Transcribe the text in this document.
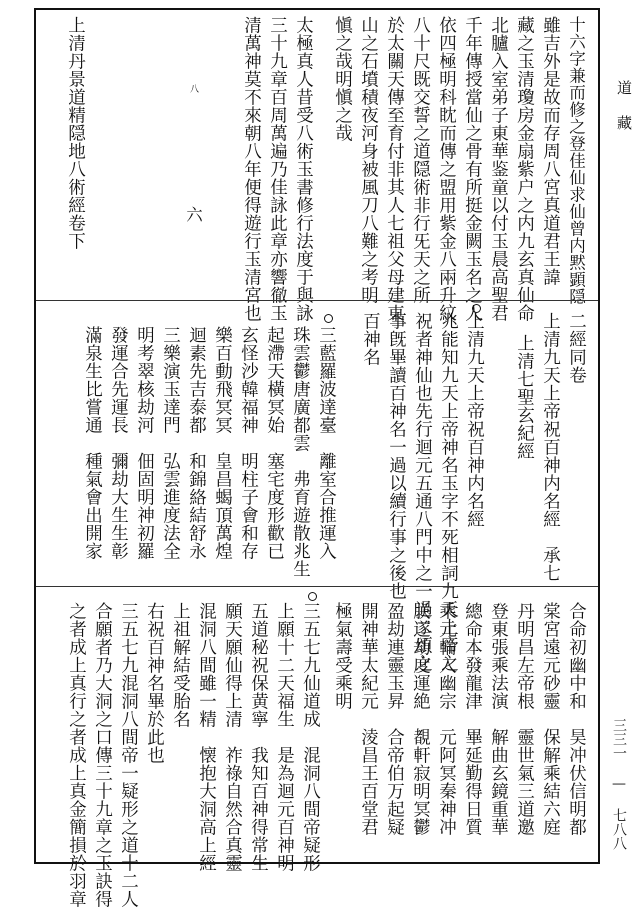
道 藏
三三一 — 七八八
十六字兼而修之登佳仙求仙曾内黙顕隠
雖吉外是故而存周八宮真道君王諱
藏之玉清瓊房金扇紫户之内九玄真仙命
北臚入室弟子東華鉴童以付玉晨高聖君
千年傳授當仙之骨有所挺金闕玉名之人
依四極明科眈而傳之盟用紫金八兩升紋
八十尺既交誓之道隠術非行旡天之所
於太關天傳至育付非其人七祖父母建東
山之石墳積夜河身被風刀八難之考明
愼之哉明愼之哉
太極真人昔受八術玉書修行法度于與詠
三十九章百周萬遍乃佳詠此章亦響徹玉
清萬神莫不來朝八年便得遊行玉清宮也
八
六
上清丹景道精隠地八術經卷下
二經同卷
上清九天上帝祝百神内名經　承七
上清七聖玄紀經
上清九天上帝祝百神内名經
兆能知九天上帝神名玉字不死相詞九天上帝之
祝者神仙也先行迴元五通八門中之一過二頌之
事旣畢讀百神名一過以續行事之後也
百神名
三藍羅波達臺　離室合推運入
珠雲鬱唐廣都雲　弗育遊散兆生
起滯天橫冥始　塞宅度形歡已
玄怪沙韓福神　明柱子會和存
樂百動飛冥冥　皇昌蝎頂萬煌
迴素先吉泰都　和錦絡結舒永
三樂演玉達門　弘雲進度法全
明考翠核劫河　佃固明神初羅
發運合先運長　彌劫大生生彰
滿泉生比嘗通　種氣會出開家
合命初幽中和　昊冲伏信明都
棠宮遠元砂靈　保解乘結六庭
丹明昌左帝根　靈世氣三道邀
登東張乘法演　解曲玄鏡重華
總命本發龍津　畢延勤得日質
乘元輪入幽宗　元阿冥秦神冲
朕遂劫度運絶　覩軒寂明冥鬱
盈劫連靈玉昇　合帝伯万起疑
開神華太紀元　淩昌王百堂君
極氣壽受乘明
三五七九仙道成　混洞八間帝疑形
上願十二天福生　是為迴元百神明
五道秘祝保黄寧　我知百神得常生
願天願仙得上清　祚祿自然合真靈
混洞八間雖一精　懐抱大洞高上經
上祖解結受胎名
右祝百神名畢於此也
三五七九混洞八間帝一疑形之道十二人
合願者乃大洞之口傳三十九章之玉訣得
之者成上真行之者成上真金簡損於羽章
